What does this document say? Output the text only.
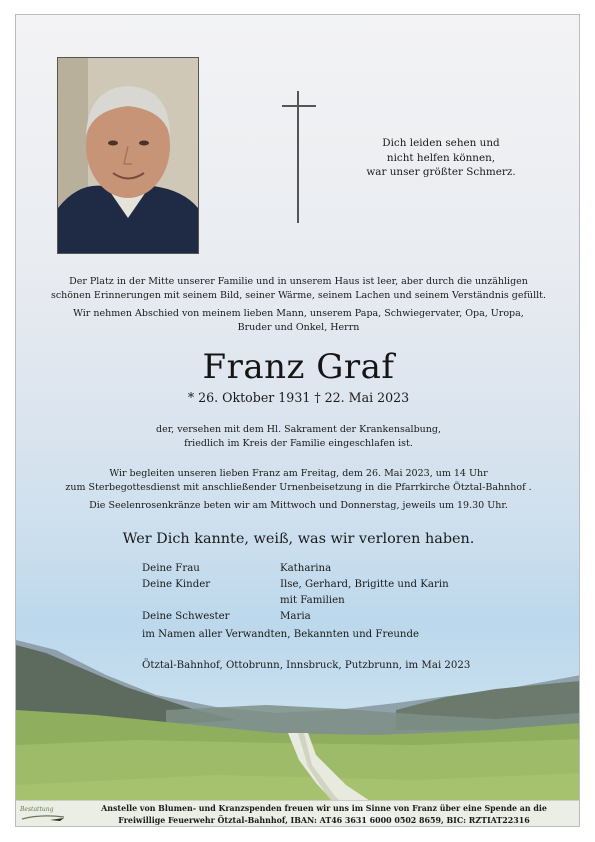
Dich leiden sehen und
nicht helfen können,
war unser größter Schmerz.
Der Platz in der Mitte unserer Familie und in unserem Haus ist leer, aber durch die unzähligen
schönen Erinnerungen mit seinem Bild, seiner Wärme, seinem Lachen und seinem Verständnis gefüllt.
Wir nehmen Abschied von meinem lieben Mann, unserem Papa, Schwiegervater, Opa, Uropa,
Bruder und Onkel, Herrn
Franz Graf
* 26. Oktober 1931 † 22. Mai 2023
der, versehen mit dem Hl. Sakrament der Krankensalbung,
friedlich im Kreis der Familie eingeschlafen ist.
Wir begleiten unseren lieben Franz am Freitag, dem 26. Mai 2023, um 14 Uhr
zum Sterbegottesdienst mit anschließender Urnenbeisetzung in die Pfarrkirche Ötztal-Bahnhof .
Die Seelenrosenkränze beten wir am Mittwoch und Donnerstag, jeweils um 19.30 Uhr.
Wer Dich kannte, weiß, was wir verloren haben.
Deine Frau	Katharina
Deine Kinder	Ilse, Gerhard, Brigitte und Karin
mit Familien
Deine Schwester	Maria
im Namen aller Verwandten, Bekannten und Freunde
Ötztal-Bahnhof, Ottobrunn, Innsbruck, Putzbrunn, im Mai 2023
Bestattung	Anstelle von Blumen- und Kranzspenden freuen wir uns im Sinne von Franz über eine Spende an die
Freiwillige Feuerwehr Ötztal-Bahnhof, IBAN: AT46 3631 6000 0502 8659, BIC: RZTIAT22316
